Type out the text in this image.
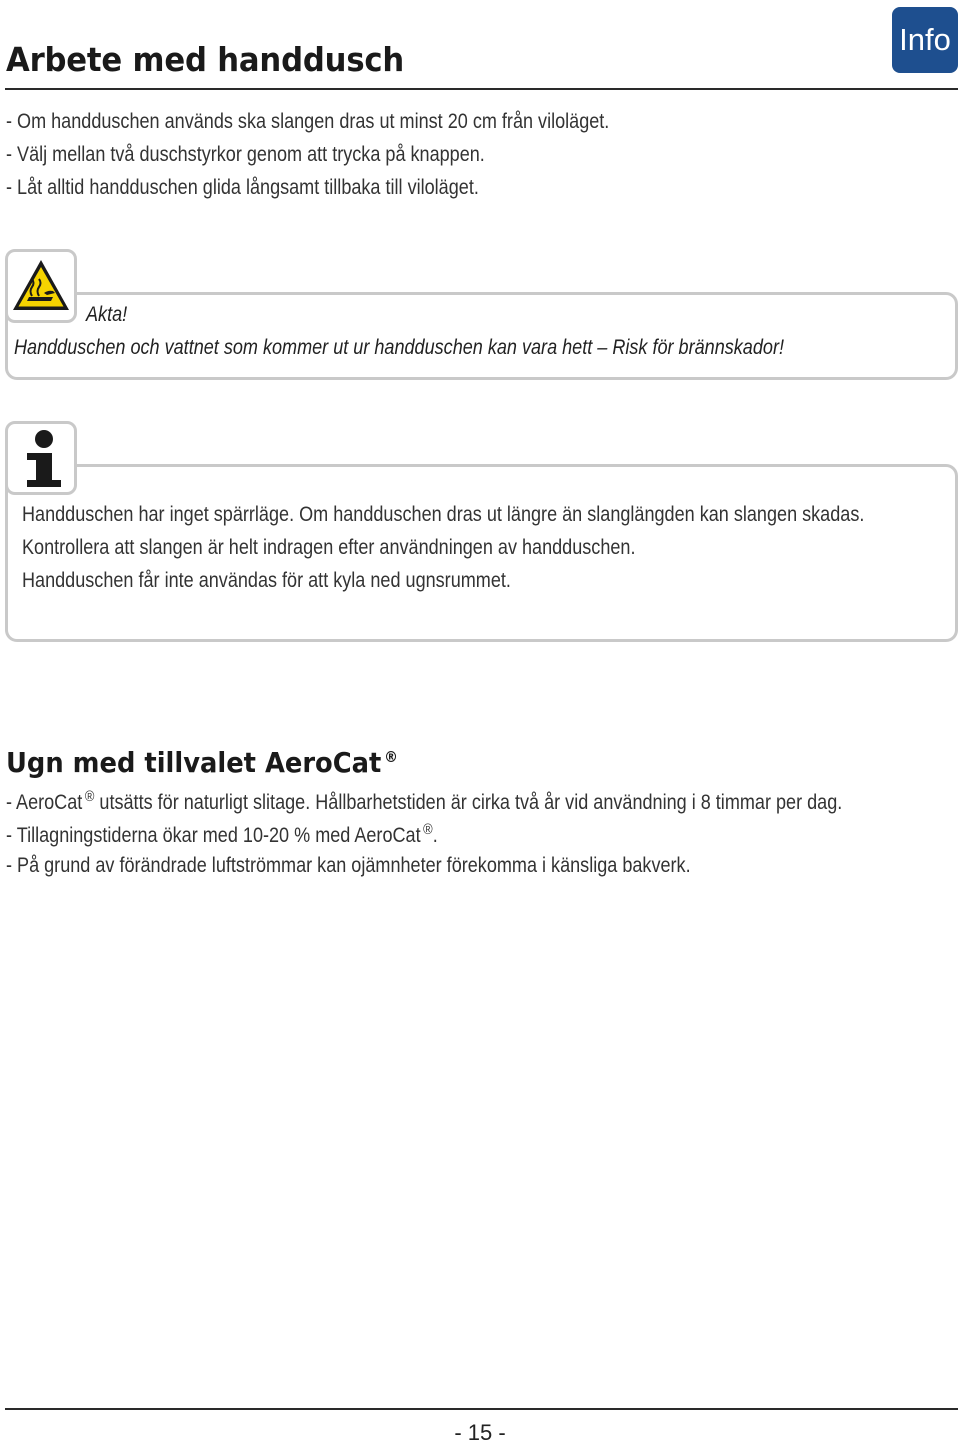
Arbete med handdusch
Info
- Om handduschen används ska slangen dras ut minst 20 cm från viloläget.
- Välj mellan två duschstyrkor genom att trycka på knappen.
- Låt alltid handduschen glida långsamt tillbaka till viloläget.
Akta!
Handduschen och vattnet som kommer ut ur handduschen kan vara hett – Risk för brännskador!
Handduschen har inget spärrläge. Om handduschen dras ut längre än slanglängden kan slangen skadas.
Kontrollera att slangen är helt indragen efter användningen av handduschen.
Handduschen får inte användas för att kyla ned ugnsrummet.
Ugn med tillvalet AeroCat ®
- AeroCat ® utsätts för naturligt slitage. Hållbarhetstiden är cirka två år vid användning i 8 timmar per dag.
- Tillagningstiderna ökar med 10-20 % med AeroCat ®.
- På grund av förändrade luftströmmar kan ojämnheter förekomma i känsliga bakverk.
- 15 -
